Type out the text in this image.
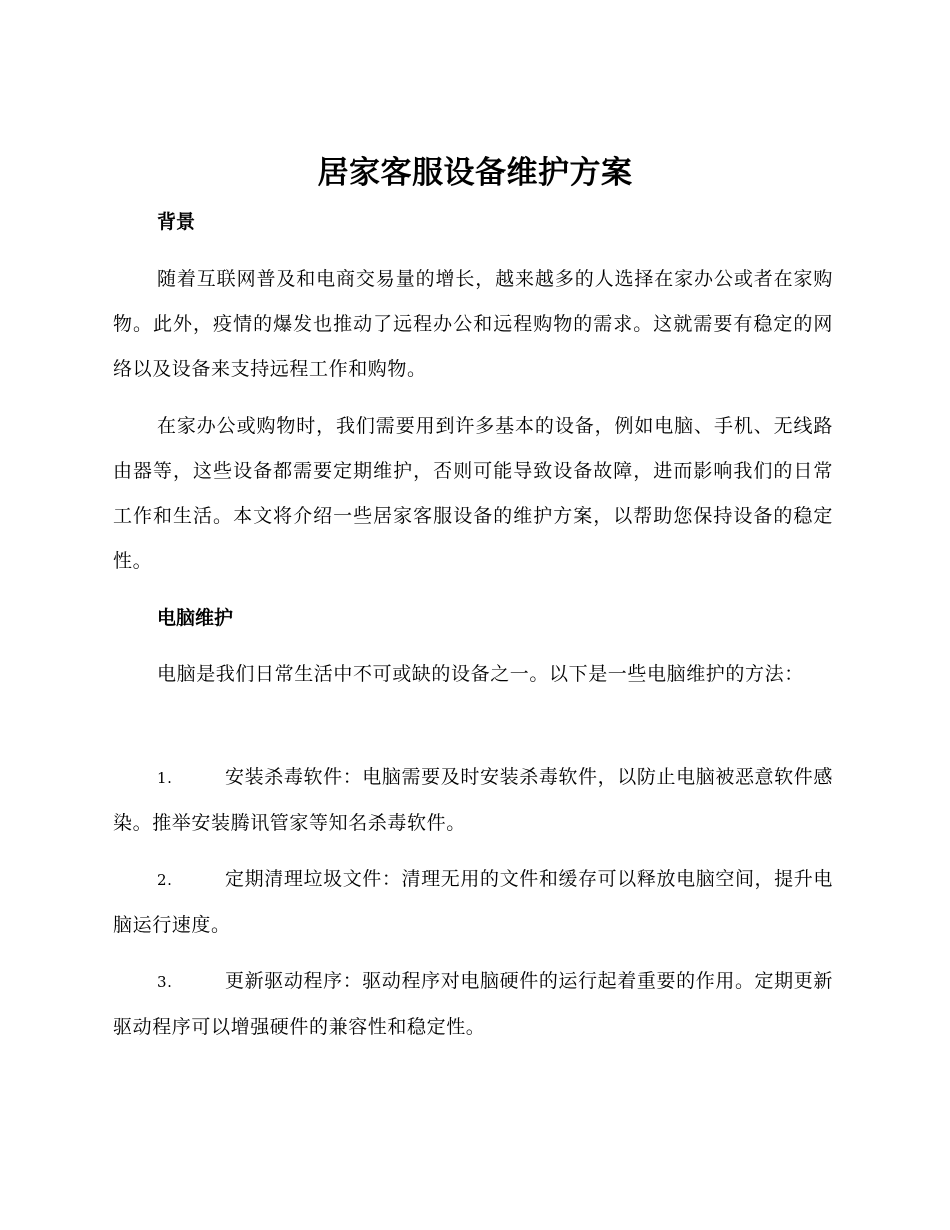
居家客服设备维护方案
背景
随着互联网普及和电商交易量的增长，越来越多的人选择在家办公或者在家购物。此外，疫情的爆发也推动了远程办公和远程购物的需求。这就需要有稳定的网络以及设备来支持远程工作和购物。
在家办公或购物时，我们需要用到许多基本的设备，例如电脑、手机、无线路由器等，这些设备都需要定期维护，否则可能导致设备故障，进而影响我们的日常工作和生活。本文将介绍一些居家客服设备的维护方案，以帮助您保持设备的稳定性。
电脑维护
电脑是我们日常生活中不可或缺的设备之一。以下是一些电脑维护的方法：
1.	安装杀毒软件：电脑需要及时安装杀毒软件，以防止电脑被恶意软件感染。推举安装腾讯管家等知名杀毒软件。
2.	定期清理垃圾文件：清理无用的文件和缓存可以释放电脑空间，提升电脑运行速度。
3.	更新驱动程序：驱动程序对电脑硬件的运行起着重要的作用。定期更新驱动程序可以增强硬件的兼容性和稳定性。
